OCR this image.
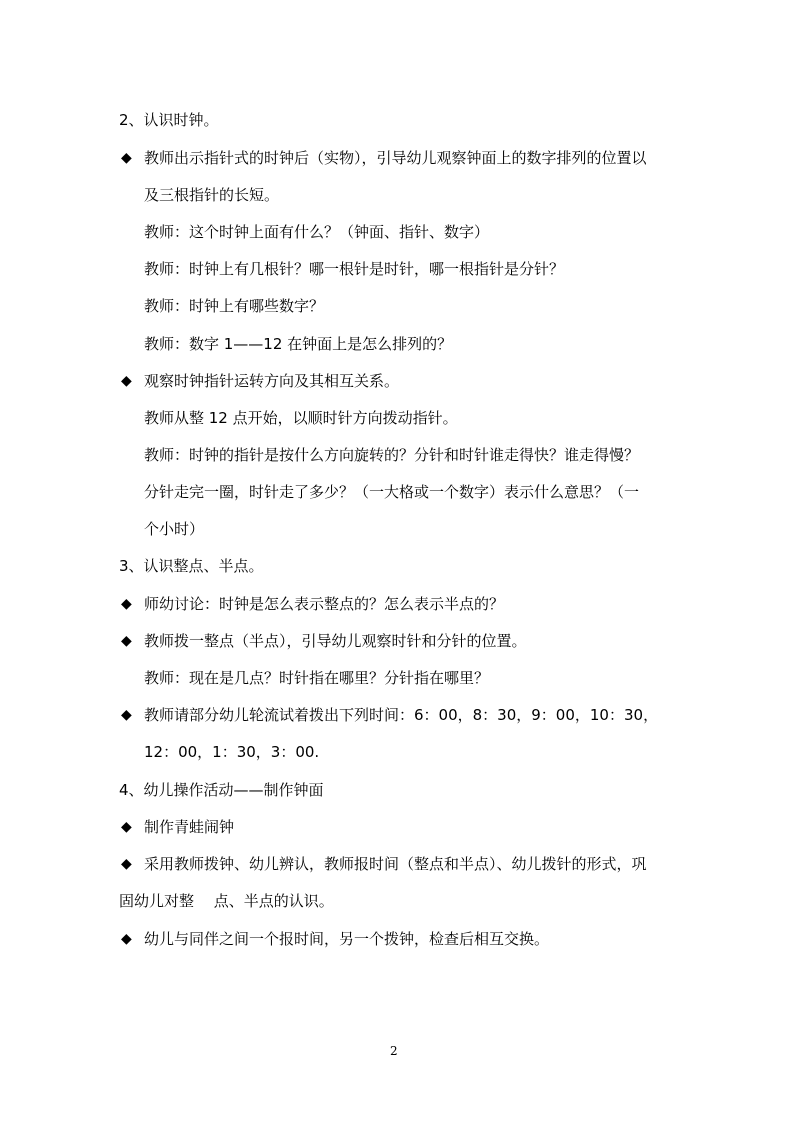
2、认识时钟。
◆ 教师出示指针式的时钟后（实物），引导幼儿观察钟面上的数字排列的位置以
及三根指针的长短。
教师：这个时钟上面有什么？（钟面、指针、数字）
教师：时钟上有几根针？哪一根针是时针，哪一根指针是分针？
教师：时钟上有哪些数字？
教师：数字 1——12 在钟面上是怎么排列的？
◆ 观察时钟指针运转方向及其相互关系。
教师从整 12 点开始，以顺时针方向拨动指针。
教师：时钟的指针是按什么方向旋转的？分针和时针谁走得快？谁走得慢？
分针走完一圈，时针走了多少？（一大格或一个数字）表示什么意思？（一
个小时）
3、认识整点、半点。
◆ 师幼讨论：时钟是怎么表示整点的？怎么表示半点的？
◆ 教师拨一整点（半点），引导幼儿观察时针和分针的位置。
教师：现在是几点？时针指在哪里？分针指在哪里？
◆ 教师请部分幼儿轮流试着拨出下列时间：6：00，8：30，9：00，10：30，
12：00，1：30，3：00.
4、幼儿操作活动——制作钟面
◆ 制作青蛙闹钟
◆ 采用教师拨钟、幼儿辨认，教师报时间（整点和半点）、幼儿拨针的形式，巩
固幼儿对整　 点、半点的认识。
◆ 幼儿与同伴之间一个报时间，另一个拨钟，检查后相互交换。
2
